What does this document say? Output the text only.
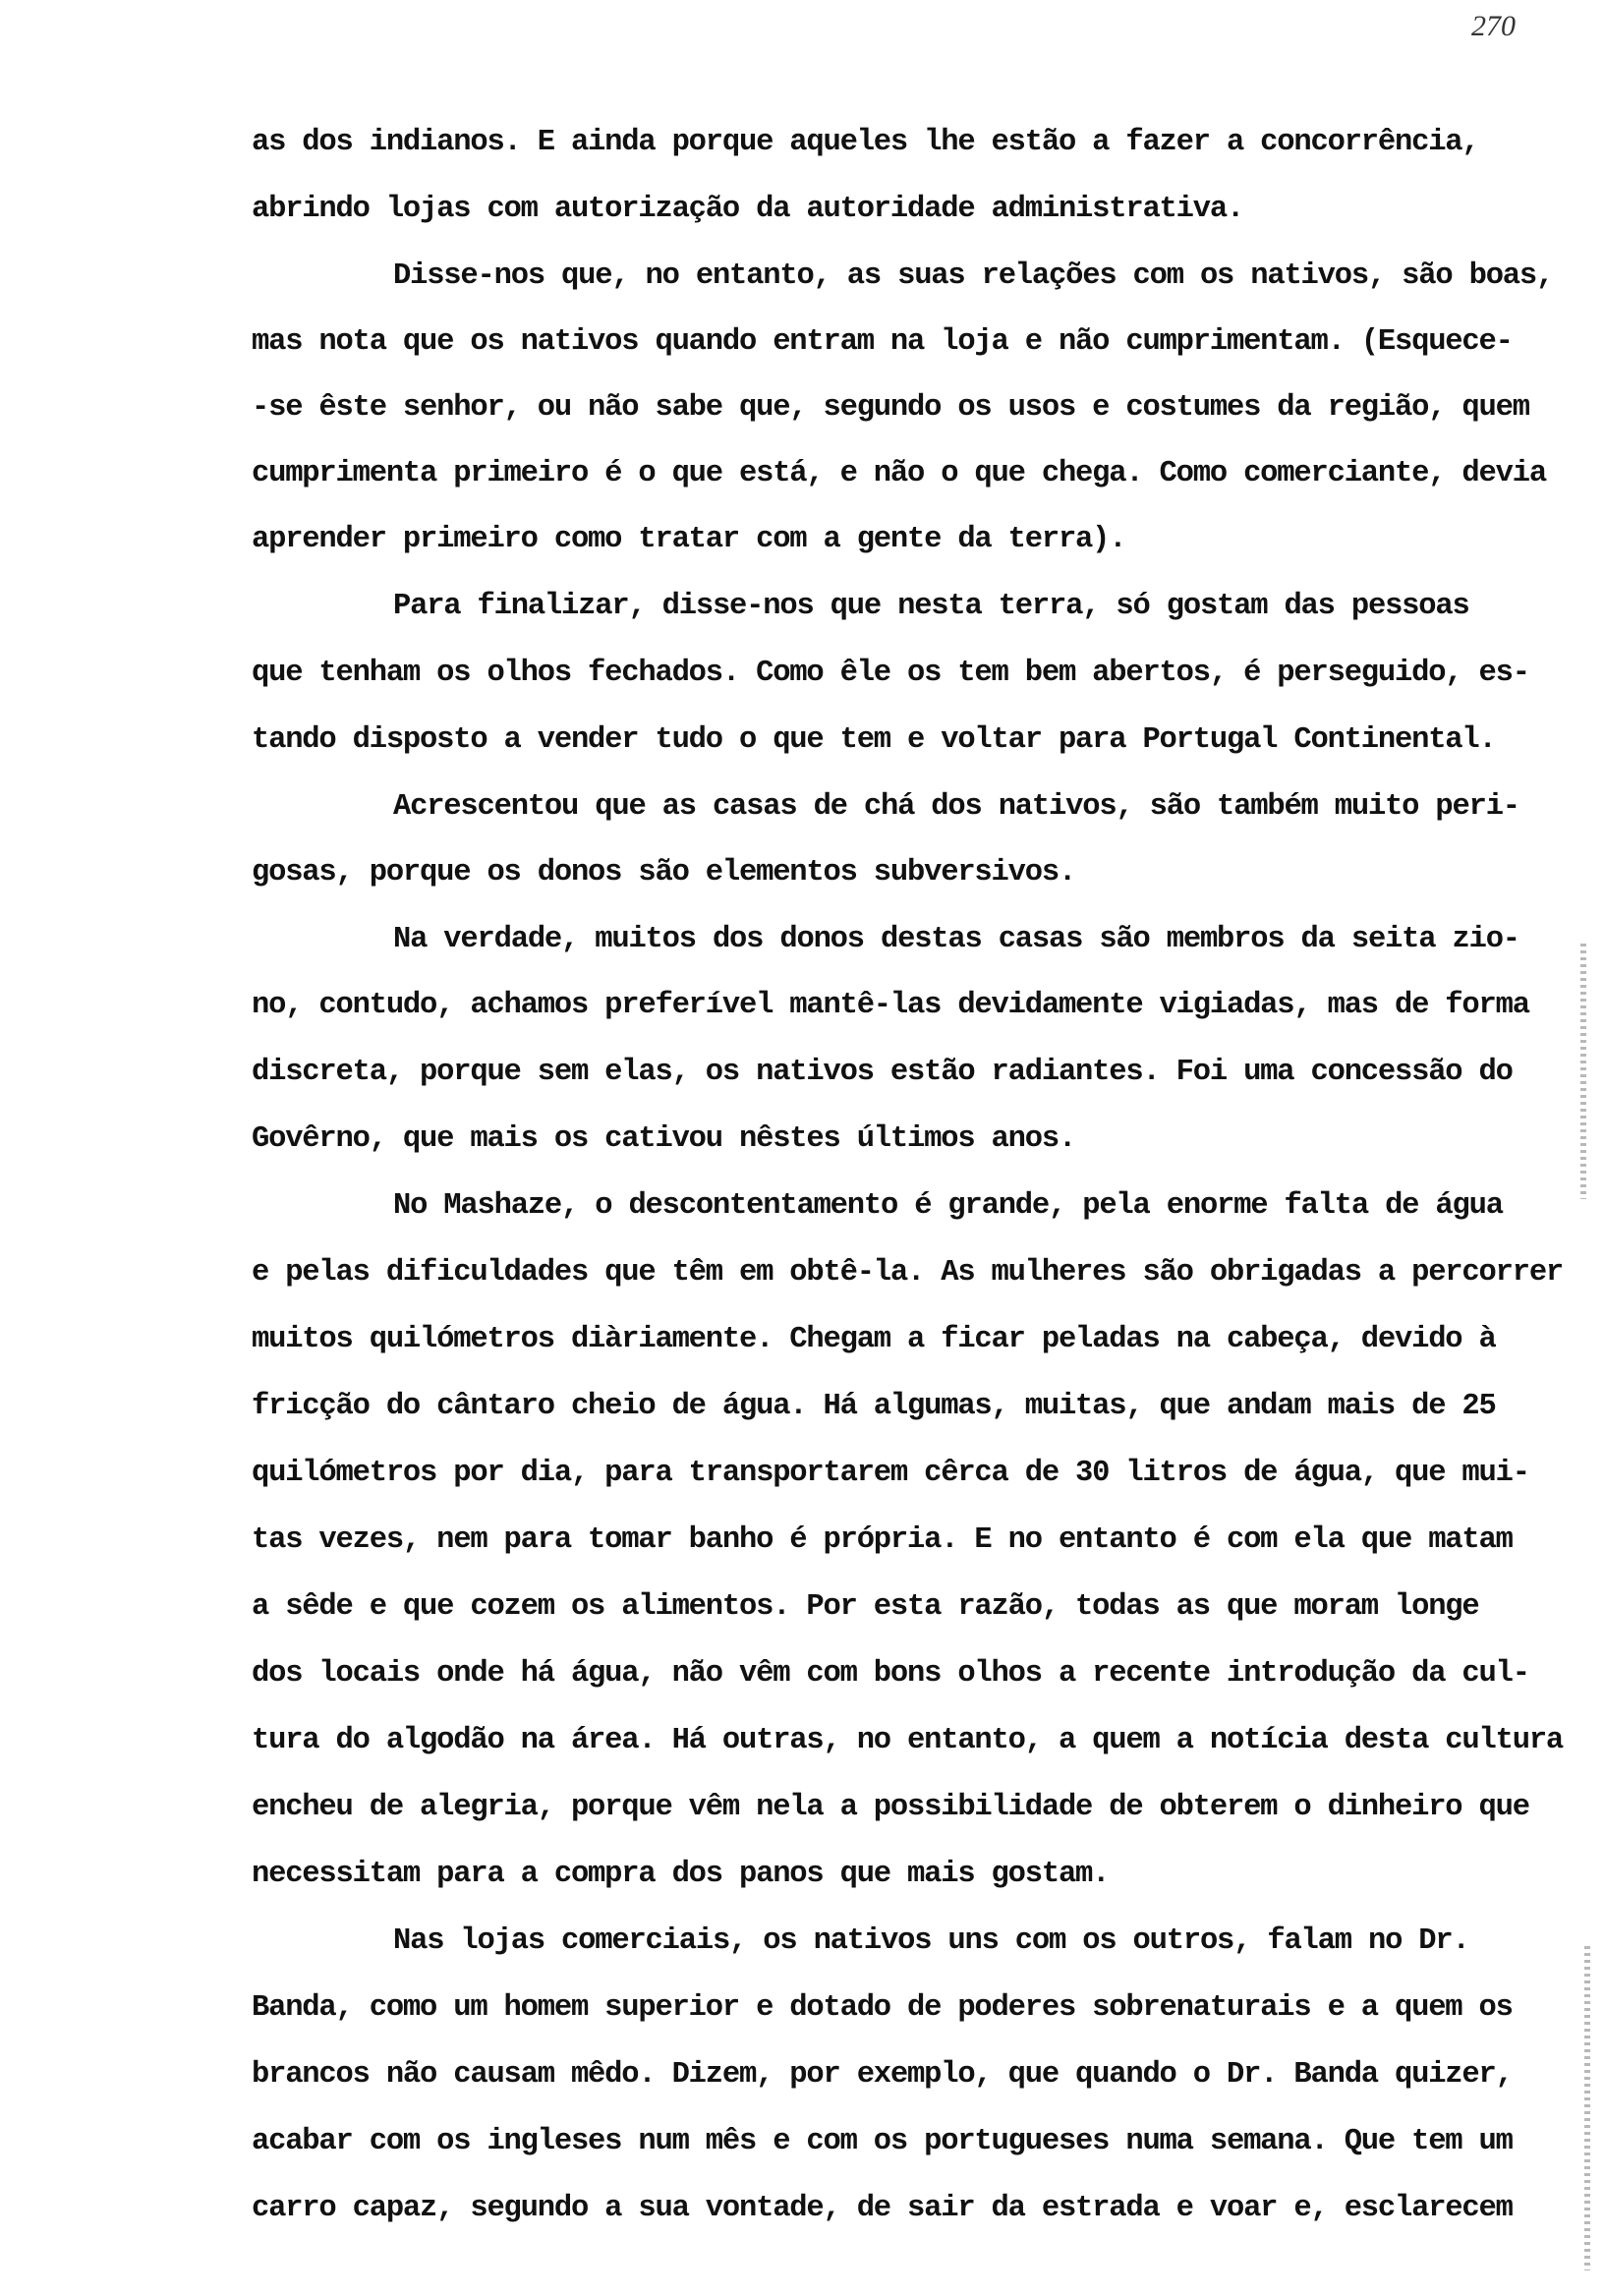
270
as dos indianos. E ainda porque aqueles lhe estão a fazer a concorrência,
abrindo lojas com autorização da autoridade administrativa.
Disse-nos que, no entanto, as suas relações com os nativos, são boas,
mas nota que os nativos quando entram na loja e não cumprimentam. (Esquece-
-se êste senhor, ou não sabe que, segundo os usos e costumes da região, quem
cumprimenta primeiro é o que está, e não o que chega. Como comerciante, devia
aprender primeiro como tratar com a gente da terra).
Para finalizar, disse-nos que nesta terra, só gostam das pessoas
que tenham os olhos fechados. Como êle os tem bem abertos, é perseguido, es-
tando disposto a vender tudo o que tem e voltar para Portugal Continental.
Acrescentou que as casas de chá dos nativos, são também muito peri-
gosas, porque os donos são elementos subversivos.
Na verdade, muitos dos donos destas casas são membros da seita zio-
no, contudo, achamos preferível mantê-las devidamente vigiadas, mas de forma
discreta, porque sem elas, os nativos estão radiantes. Foi uma concessão do
Govêrno, que mais os cativou nêstes últimos anos.
No Mashaze, o descontentamento é grande, pela enorme falta de água
e pelas dificuldades que têm em obtê-la. As mulheres são obrigadas a percorrer
muitos quilómetros diàriamente. Chegam a ficar peladas na cabeça, devido à
fricção do cântaro cheio de água. Há algumas, muitas, que andam mais de 25
quilómetros por dia, para transportarem cêrca de 30 litros de água, que mui-
tas vezes, nem para tomar banho é própria. E no entanto é com ela que matam
a sêde e que cozem os alimentos. Por esta razão, todas as que moram longe
dos locais onde há água, não vêm com bons olhos a recente introdução da cul-
tura do algodão na área. Há outras, no entanto, a quem a notícia desta cultura
encheu de alegria, porque vêm nela a possibilidade de obterem o dinheiro que
necessitam para a compra dos panos que mais gostam.
Nas lojas comerciais, os nativos uns com os outros, falam no Dr.
Banda, como um homem superior e dotado de poderes sobrenaturais e a quem os
brancos não causam mêdo. Dizem, por exemplo, que quando o Dr. Banda quizer,
acabar com os ingleses num mês e com os portugueses numa semana. Que tem um
carro capaz, segundo a sua vontade, de sair da estrada e voar e, esclarecem
